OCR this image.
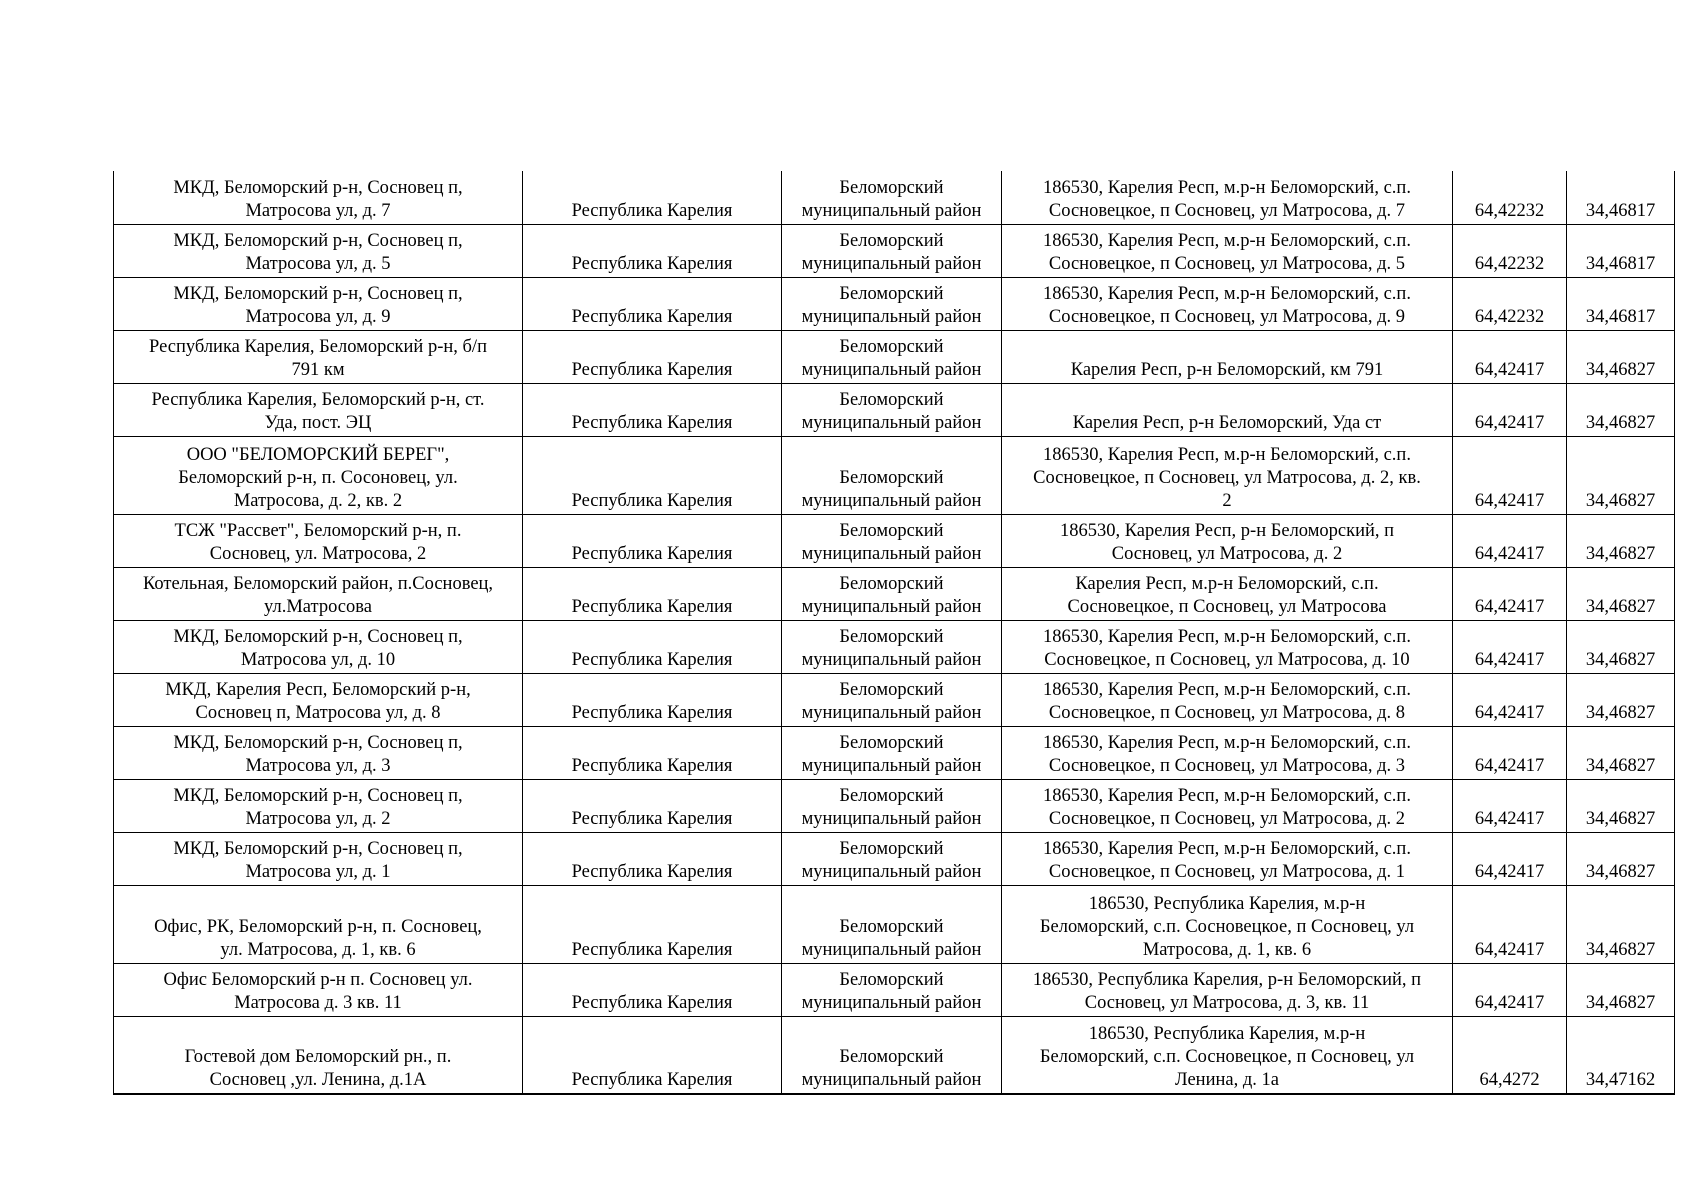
МКД, Беломорский р-н, Сосновец п,
Матросова ул, д. 7	Республика Карелия	Беломорский
муниципальный район	186530, Карелия Респ, м.р-н Беломорский, с.п.
Сосновецкое, п Сосновец, ул Матросова, д. 7	64,42232	34,46817
МКД, Беломорский р-н, Сосновец п,
Матросова ул, д. 5	Республика Карелия	Беломорский
муниципальный район	186530, Карелия Респ, м.р-н Беломорский, с.п.
Сосновецкое, п Сосновец, ул Матросова, д. 5	64,42232	34,46817
МКД, Беломорский р-н, Сосновец п,
Матросова ул, д. 9	Республика Карелия	Беломорский
муниципальный район	186530, Карелия Респ, м.р-н Беломорский, с.п.
Сосновецкое, п Сосновец, ул Матросова, д. 9	64,42232	34,46817
Республика Карелия, Беломорский р-н, б/п
791 км	Республика Карелия	Беломорский
муниципальный район	Карелия Респ, р-н Беломорский, км 791	64,42417	34,46827
Республика Карелия, Беломорский р-н, ст.
Уда, пост. ЭЦ	Республика Карелия	Беломорский
муниципальный район	Карелия Респ, р-н Беломорский, Уда ст	64,42417	34,46827
ООО "БЕЛОМОРСКИЙ БЕРЕГ",
Беломорский р-н, п. Сосоновец, ул.
Матросова, д. 2, кв. 2	Республика Карелия	Беломорский
муниципальный район	186530, Карелия Респ, м.р-н Беломорский, с.п.
Сосновецкое, п Сосновец, ул Матросова, д. 2, кв.
2	64,42417	34,46827
ТСЖ "Рассвет", Беломорский р-н, п.
Сосновец, ул. Матросова, 2	Республика Карелия	Беломорский
муниципальный район	186530, Карелия Респ, р-н Беломорский, п
Сосновец, ул Матросова, д. 2	64,42417	34,46827
Котельная, Беломорский район, п.Сосновец,
ул.Матросова	Республика Карелия	Беломорский
муниципальный район	Карелия Респ, м.р-н Беломорский, с.п.
Сосновецкое, п Сосновец, ул Матросова	64,42417	34,46827
МКД, Беломорский р-н, Сосновец п,
Матросова ул, д. 10	Республика Карелия	Беломорский
муниципальный район	186530, Карелия Респ, м.р-н Беломорский, с.п.
Сосновецкое, п Сосновец, ул Матросова, д. 10	64,42417	34,46827
МКД, Карелия Респ, Беломорский р-н,
Сосновец п, Матросова ул, д. 8	Республика Карелия	Беломорский
муниципальный район	186530, Карелия Респ, м.р-н Беломорский, с.п.
Сосновецкое, п Сосновец, ул Матросова, д. 8	64,42417	34,46827
МКД, Беломорский р-н, Сосновец п,
Матросова ул, д. 3	Республика Карелия	Беломорский
муниципальный район	186530, Карелия Респ, м.р-н Беломорский, с.п.
Сосновецкое, п Сосновец, ул Матросова, д. 3	64,42417	34,46827
МКД, Беломорский р-н, Сосновец п,
Матросова ул, д. 2	Республика Карелия	Беломорский
муниципальный район	186530, Карелия Респ, м.р-н Беломорский, с.п.
Сосновецкое, п Сосновец, ул Матросова, д. 2	64,42417	34,46827
МКД, Беломорский р-н, Сосновец п,
Матросова ул, д. 1	Республика Карелия	Беломорский
муниципальный район	186530, Карелия Респ, м.р-н Беломорский, с.п.
Сосновецкое, п Сосновец, ул Матросова, д. 1	64,42417	34,46827
Офис, РК, Беломорский р-н, п. Сосновец,
ул. Матросова, д. 1, кв. 6	Республика Карелия	Беломорский
муниципальный район	186530, Республика Карелия, м.р-н
Беломорский, с.п. Сосновецкое, п Сосновец, ул
Матросова, д. 1, кв. 6	64,42417	34,46827
Офис Беломорский р-н п. Сосновец ул.
Матросова д. 3 кв. 11	Республика Карелия	Беломорский
муниципальный район	186530, Республика Карелия, р-н Беломорский, п
Сосновец, ул Матросова, д. 3, кв. 11	64,42417	34,46827
Гостевой дом Беломорский рн., п.
Сосновец ,ул. Ленина, д.1А	Республика Карелия	Беломорский
муниципальный район	186530, Республика Карелия, м.р-н
Беломорский, с.п. Сосновецкое, п Сосновец, ул
Ленина, д. 1а	64,4272	34,47162
